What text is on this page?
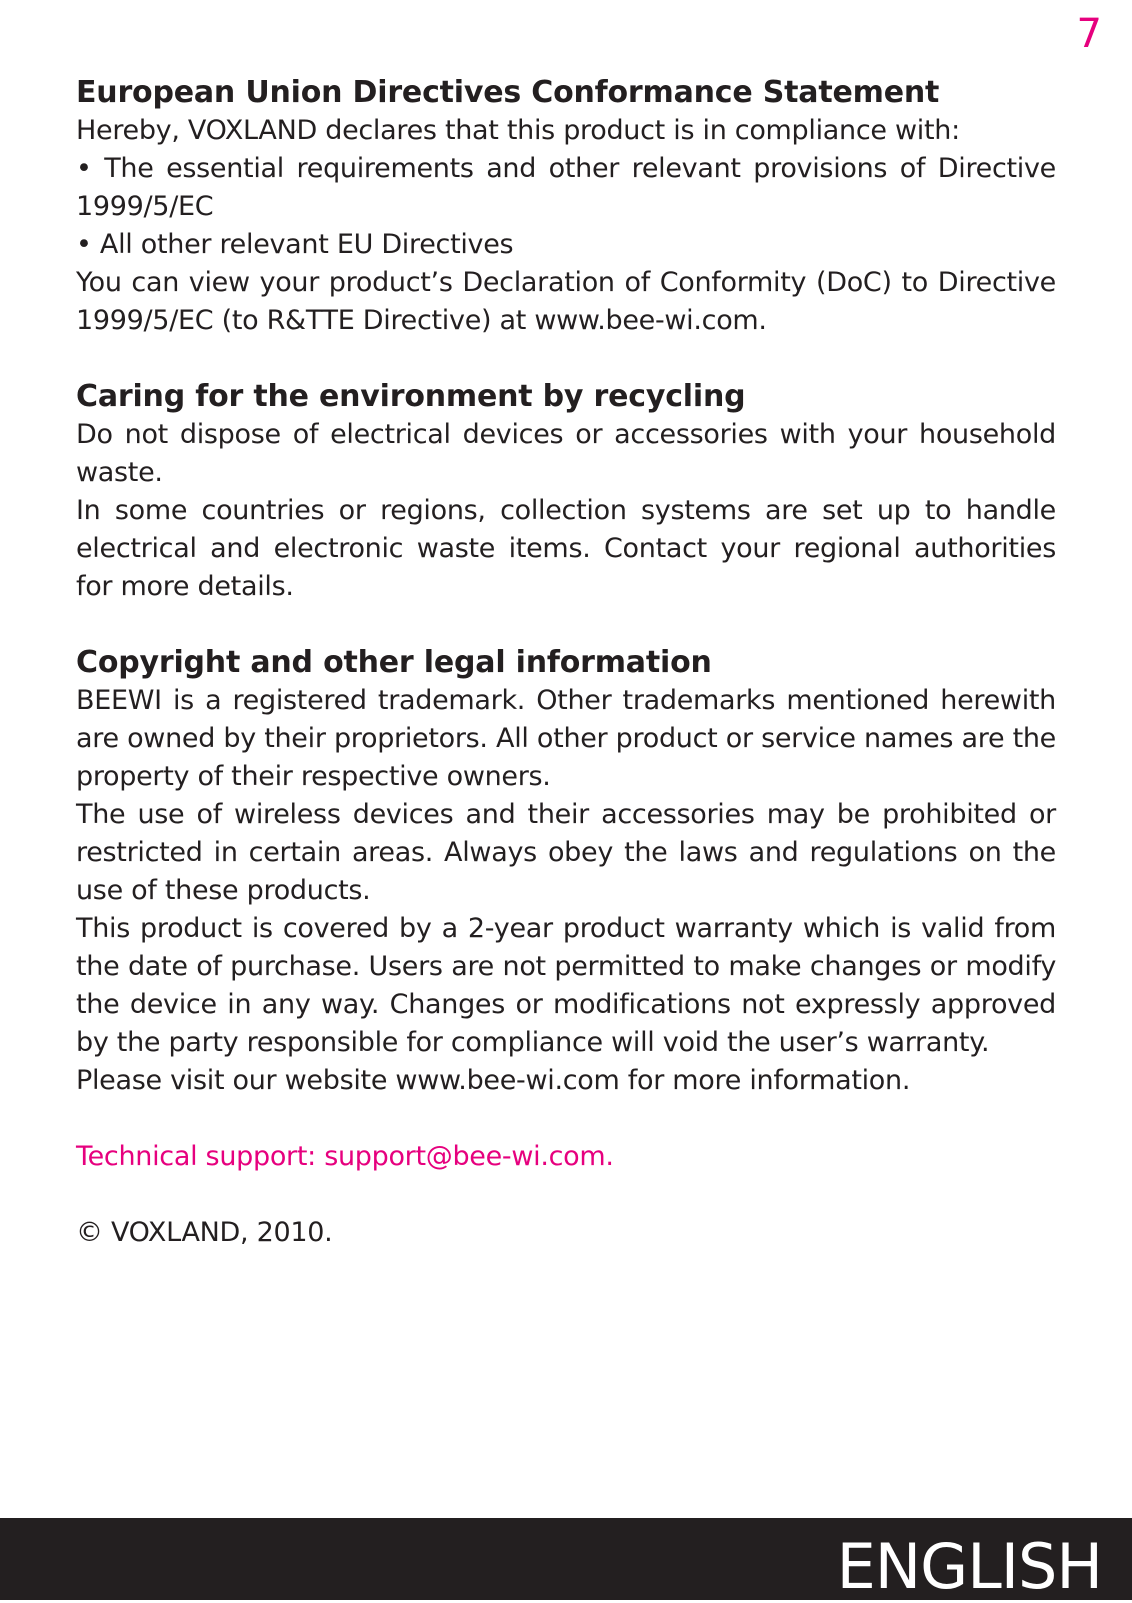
7
European Union Directives Conformance Statement
Hereby, VOXLAND declares that this product is in compliance with:
• The essential requirements and other relevant provisions of Directive 1999/5/EC
• All other relevant EU Directives
You can view your product’s Declaration of Conformity (DoC) to Directive 1999/5/EC (to R&TTE Directive) at www.bee-wi.com.
Caring for the environment by recycling
Do not dispose of electrical devices or accessories with your household waste.
In some countries or regions, collection systems are set up to handle electrical and electronic waste items. Contact your regional authorities for more details.
Copyright and other legal information
BEEWI is a registered trademark. Other trademarks mentioned herewith are owned by their proprietors. All other product or service names are the property of their respective owners.
The use of wireless devices and their accessories may be prohibited or restricted in certain areas. Always obey the laws and regulations on the use of these products.
This product is covered by a 2-year product warranty which is valid from the date of purchase. Users are not permitted to make changes or modify the device in any way. Changes or modifications not expressly approved by the party responsible for compliance will void the user’s warranty.
Please visit our website www.bee-wi.com for more information.
Technical support: support@bee-wi.com.
© VOXLAND, 2010.
ENGLISH
